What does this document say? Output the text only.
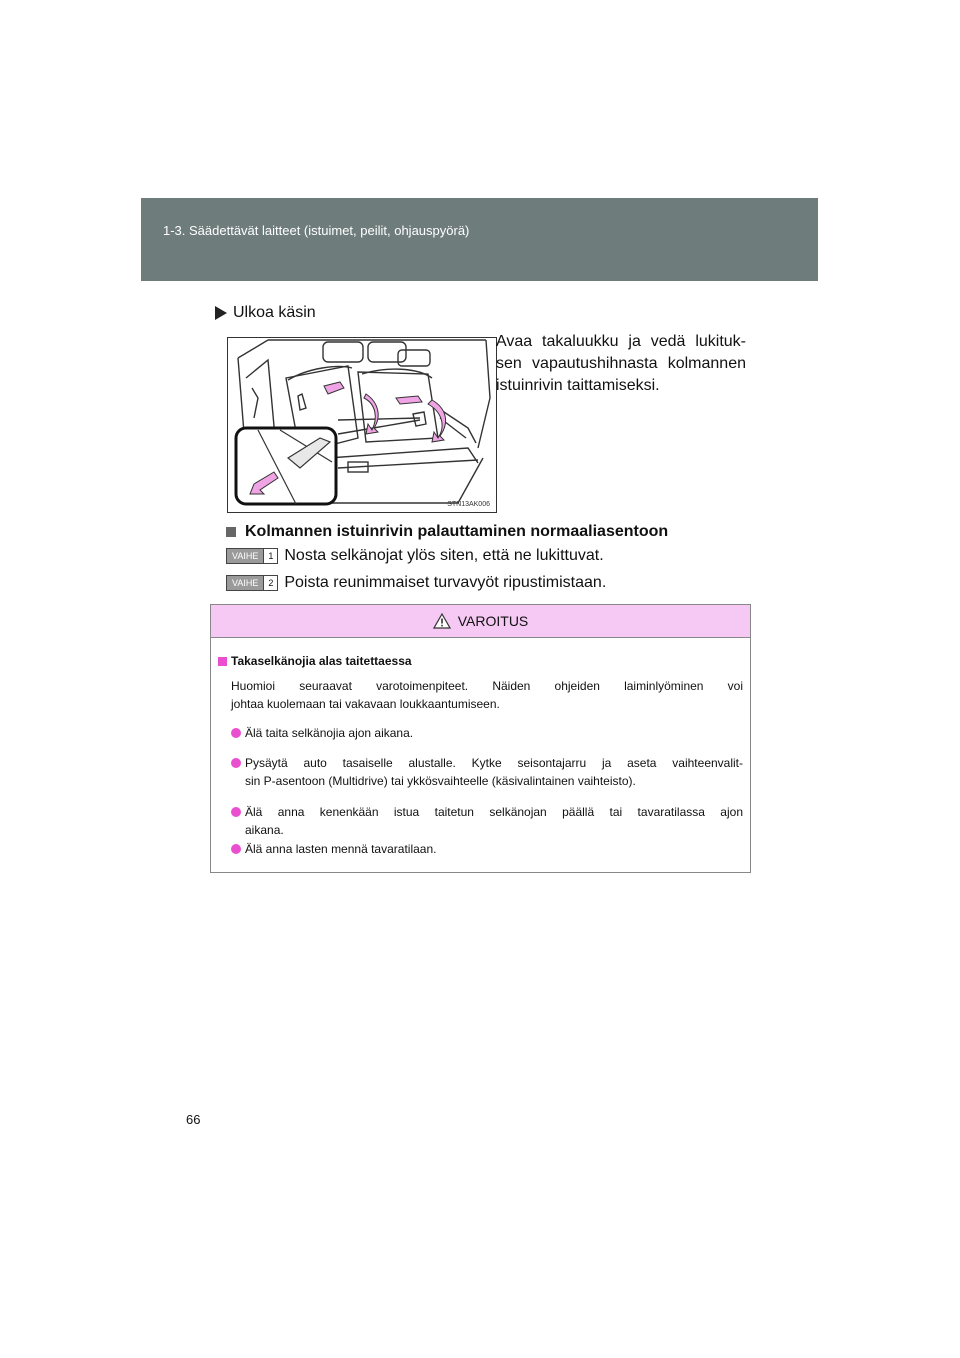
1-3. Säädettävät laitteet (istuimet, peilit, ohjauspyörä)
Ulkoa käsin
STN13AK006
Avaa takaluukku ja vedä lukituk-
sen vapautushihnasta kolmannen
istuinrivin taittamiseksi.
Kolmannen istuinrivin palauttaminen normaaliasentoon
VAIHE	1 Nosta selkänojat ylös siten, että ne lukittuvat.
VAIHE	2 Poista reunimmaiset turvavyöt ripustimistaan.
VAROITUS
Takaselkänojia alas taitettaessa
Huomioi seuraavat varotoimenpiteet. Näiden ohjeiden laiminlyöminen voi
johtaa kuolemaan tai vakavaan loukkaantumiseen.
Älä taita selkänojia ajon aikana.
Pysäytä auto tasaiselle alustalle. Kytke seisontajarru ja aseta vaihteenvalit-
sin P-asentoon (Multidrive) tai ykkösvaihteelle (käsivalintainen vaihteisto).
Älä anna kenenkään istua taitetun selkänojan päällä tai tavaratilassa ajon
aikana.
Älä anna lasten mennä tavaratilaan.
66
